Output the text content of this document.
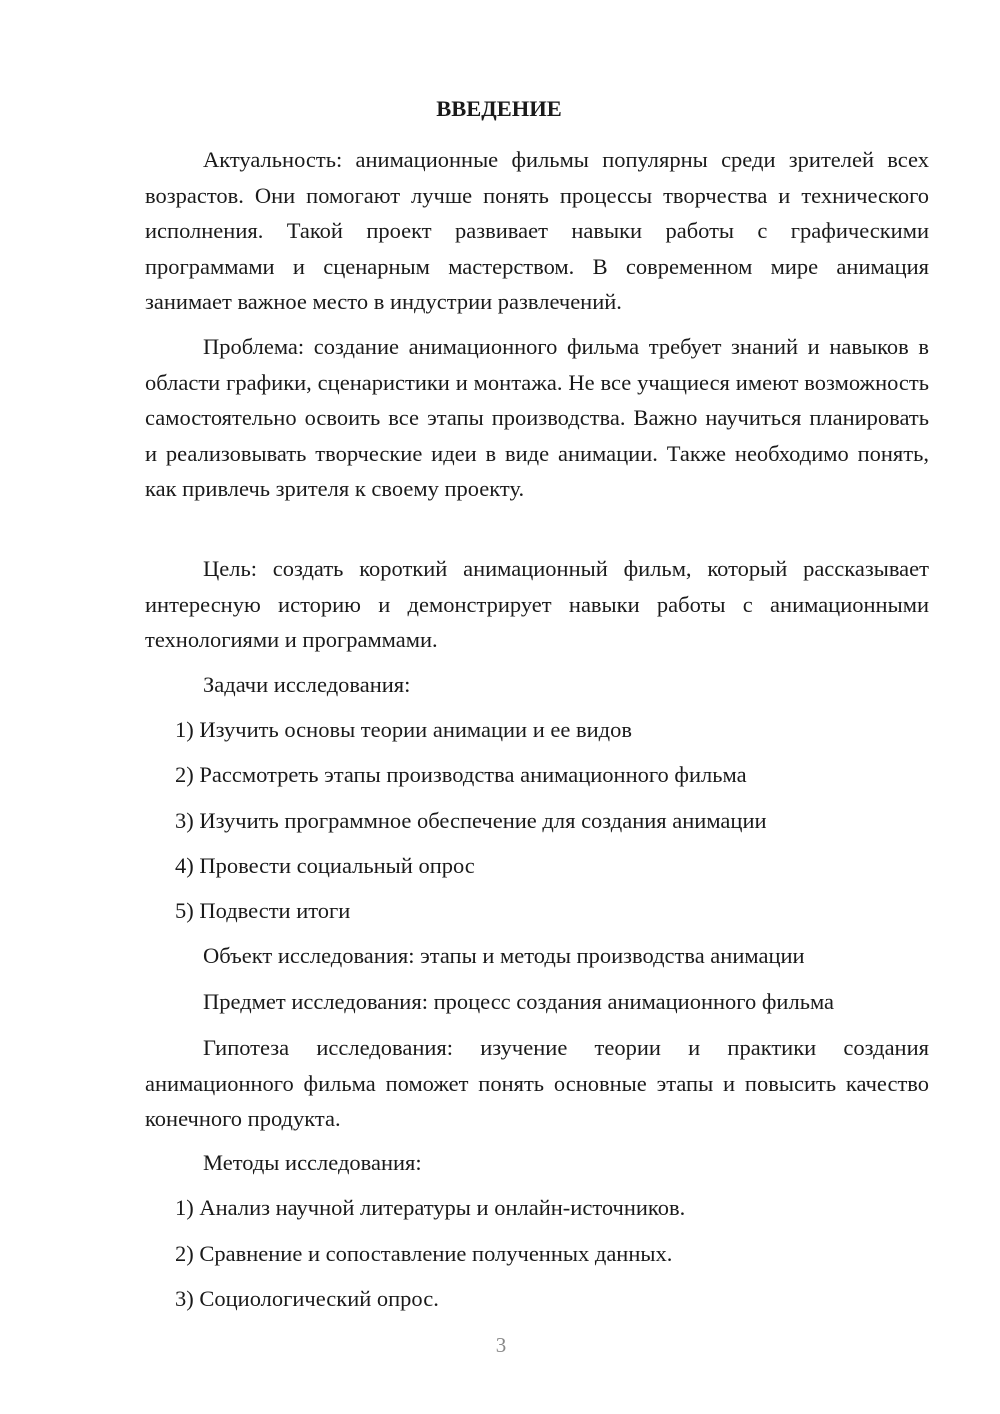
ВВЕДЕНИЕ
Актуальность: анимационные фильмы популярны среди зрителей всех возрастов. Они помогают лучше понять процессы творчества и технического исполнения. Такой проект развивает навыки работы с графическими программами и сценарным мастерством. В современном мире анимация занимает важное место в индустрии развлечений.
Проблема: создание анимационного фильма требует знаний и навыков в области графики, сценаристики и монтажа. Не все учащиеся имеют возможность самостоятельно освоить все этапы производства. Важно научиться планировать и реализовывать творческие идеи в виде анимации. Также необходимо понять, как привлечь зрителя к своему проекту.
Цель: создать короткий анимационный фильм, который рассказывает интересную историю и демонстрирует навыки работы с анимационными технологиями и программами.
Задачи исследования:
1) Изучить основы теории анимации и ее видов
2) Рассмотреть этапы производства анимационного фильма
3) Изучить программное обеспечение для создания анимации
4) Провести социальный опрос
5) Подвести итоги
Объект исследования: этапы и методы производства анимации
Предмет исследования: процесс создания анимационного фильма
Гипотеза исследования: изучение теории и практики создания анимационного фильма поможет понять основные этапы и повысить качество конечного продукта.
Методы исследования:
1) Анализ научной литературы и онлайн-источников.
2) Сравнение и сопоставление полученных данных.
3) Социологический опрос.
3
